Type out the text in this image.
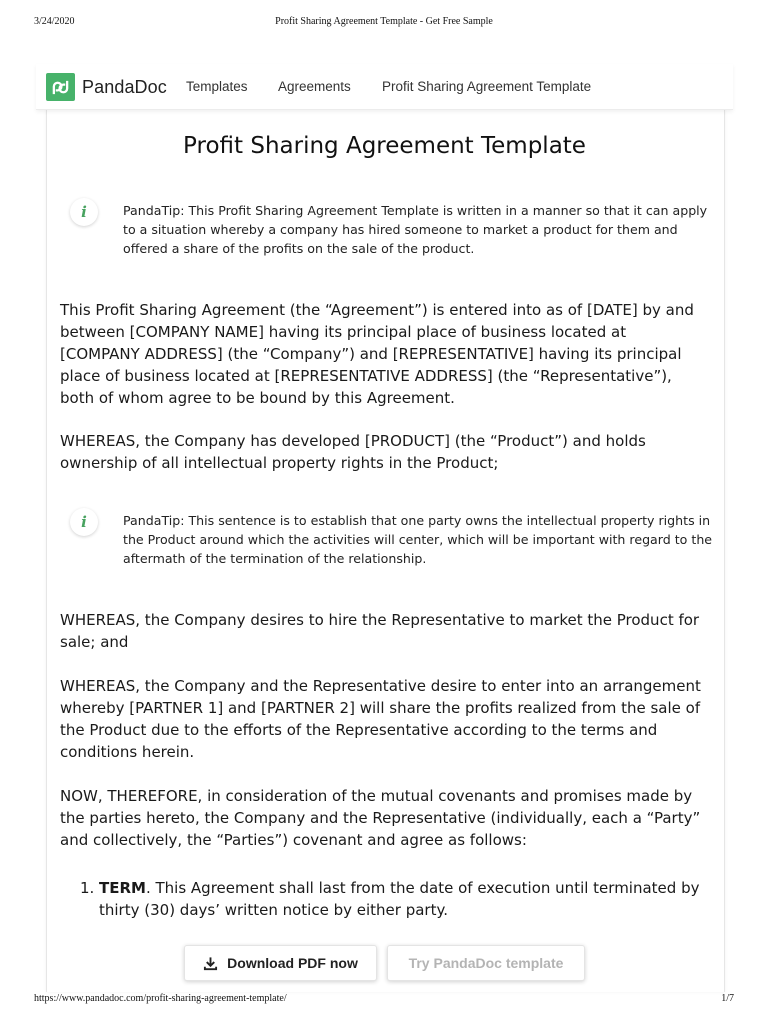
3/24/2020	Profit Sharing Agreement Template - Get Free Sample
PandaDoc Templates Agreements Profit Sharing Agreement Template
Profit Sharing Agreement Template
i	PandaTip: This Profit Sharing Agreement Template is written in a manner so that it can apply to a situation whereby a company has hired someone to market a product for them and offered a share of the profits on the sale of the product.

This Profit Sharing Agreement (the “Agreement”) is entered into as of [DATE] by and between [COMPANY NAME] having its principal place of business located at [COMPANY ADDRESS] (the “Company”) and [REPRESENTATIVE] having its principal place of business located at [REPRESENTATIVE ADDRESS] (the “Representative”), both of whom agree to be bound by this Agreement.

WHEREAS, the Company has developed [PRODUCT] (the “Product”) and holds ownership of all intellectual property rights in the Product;

i	PandaTip: This sentence is to establish that one party owns the intellectual property rights in the Product around which the activities will center, which will be important with regard to the aftermath of the termination of the relationship.

WHEREAS, the Company desires to hire the Representative to market the Product for sale; and

WHEREAS, the Company and the Representative desire to enter into an arrangement whereby [PARTNER 1] and [PARTNER 2] will share the profits realized from the sale of the Product due to the efforts of the Representative according to the terms and conditions herein.

NOW, THEREFORE, in consideration of the mutual covenants and promises made by the parties hereto, the Company and the Representative (individually, each a “Party” and collectively, the “Parties”) covenant and agree as follows:

1. TERM. This Agreement shall last from the date of execution until terminated by thirty (30) days’ written notice by either party.
Download PDF now	Try PandaDoc template
https://www.pandadoc.com/profit-sharing-agreement-template/	1/7
